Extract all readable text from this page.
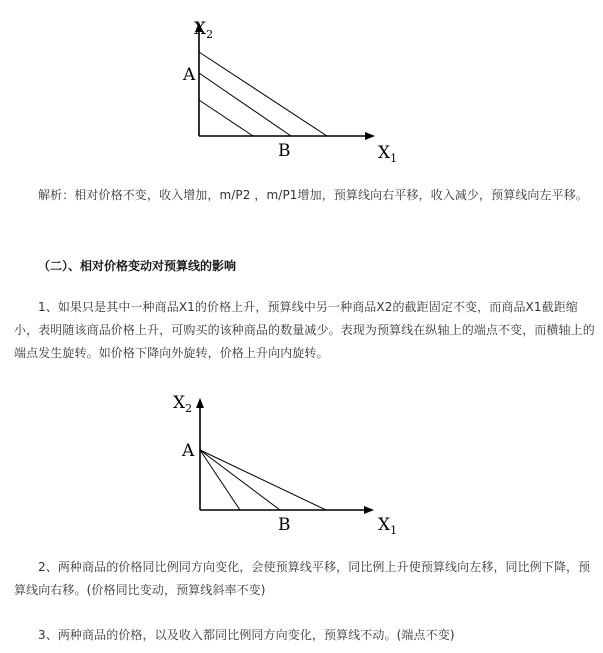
$X_2$
$X_1$
A
B

解析：相对价格不变，收入增加，m/P2 ，m/P1增加，预算线向右平移，收入减少，预算线向左平移。

（二）、相对价格变动对预算线的影响

1、如果只是其中一种商品X1的价格上升，预算线中另一种商品X2的截距固定不变，而商品X1截距缩小，表明随该商品价格上升，可购买的该种商品的数量减少。表现为预算线在纵轴上的端点不变，而横轴上的端点发生旋转。如价格下降向外旋转，价格上升向内旋转。

$X_2$
$X_1$
A
B

2、两种商品的价格同比例同方向变化，会使预算线平移，同比例上升使预算线向左移，同比例下降，预算线向右移。(价格同比变动，预算线斜率不变)

3、两种商品的价格，以及收入都同比例同方向变化，预算线不动。(端点不变)
